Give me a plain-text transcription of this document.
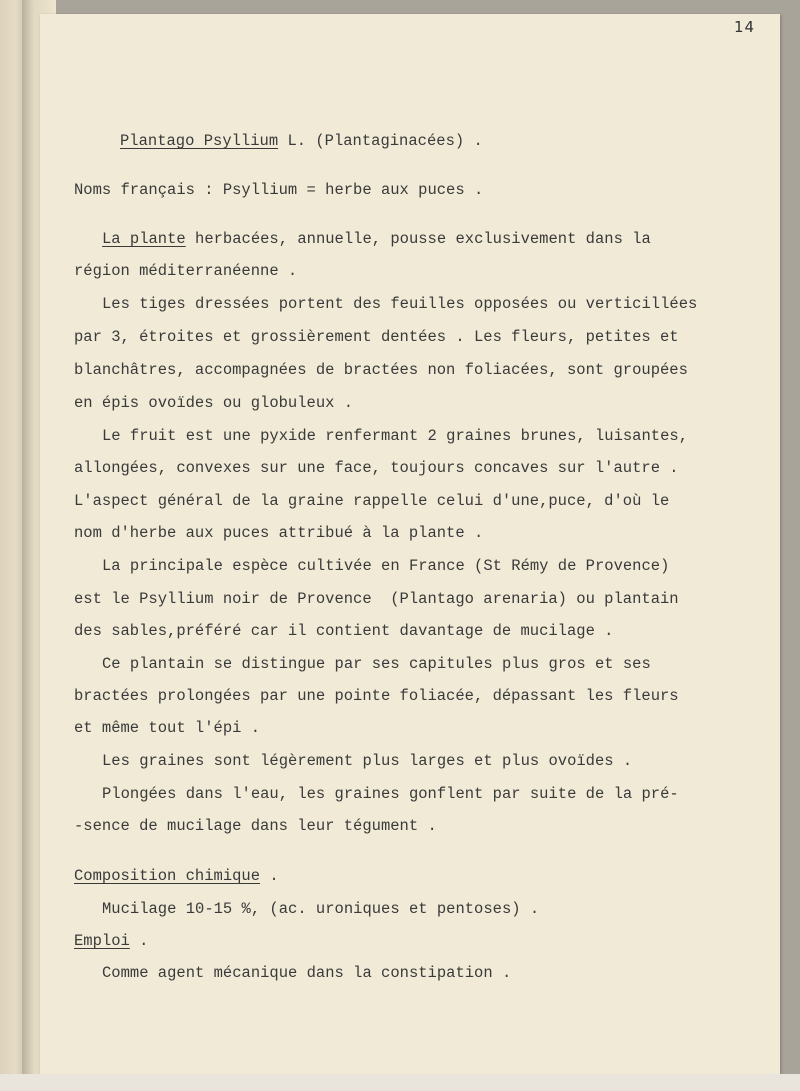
14
Plantago Psyllium L. (Plantaginacées) .
Noms français : Psyllium = herbe aux puces .
La plante herbacées, annuelle, pousse exclusivement dans la
région méditerranéenne .
Les tiges dressées portent des feuilles opposées ou verticillées
par 3, étroites et grossièrement dentées . Les fleurs, petites et
blanchâtres, accompagnées de bractées non foliacées, sont groupées
en épis ovoïdes ou globuleux .
Le fruit est une pyxide renfermant 2 graines brunes, luisantes,
allongées, convexes sur une face, toujours concaves sur l'autre .
L'aspect général de la graine rappelle celui d'une,puce, d'où le
nom d'herbe aux puces attribué à la plante .
La principale espèce cultivée en France (St Rémy de Provence)
est le Psyllium noir de Provence  (Plantago arenaria) ou plantain
des sables,préféré car il contient davantage de mucilage .
Ce plantain se distingue par ses capitules plus gros et ses
bractées prolongées par une pointe foliacée, dépassant les fleurs
et même tout l'épi .
Les graines sont légèrement plus larges et plus ovoïdes .
Plongées dans l'eau, les graines gonflent par suite de la pré-
-sence de mucilage dans leur tégument .
Composition chimique .
Mucilage 10-15 %, (ac. uroniques et pentoses) .
Emploi .
Comme agent mécanique dans la constipation .
